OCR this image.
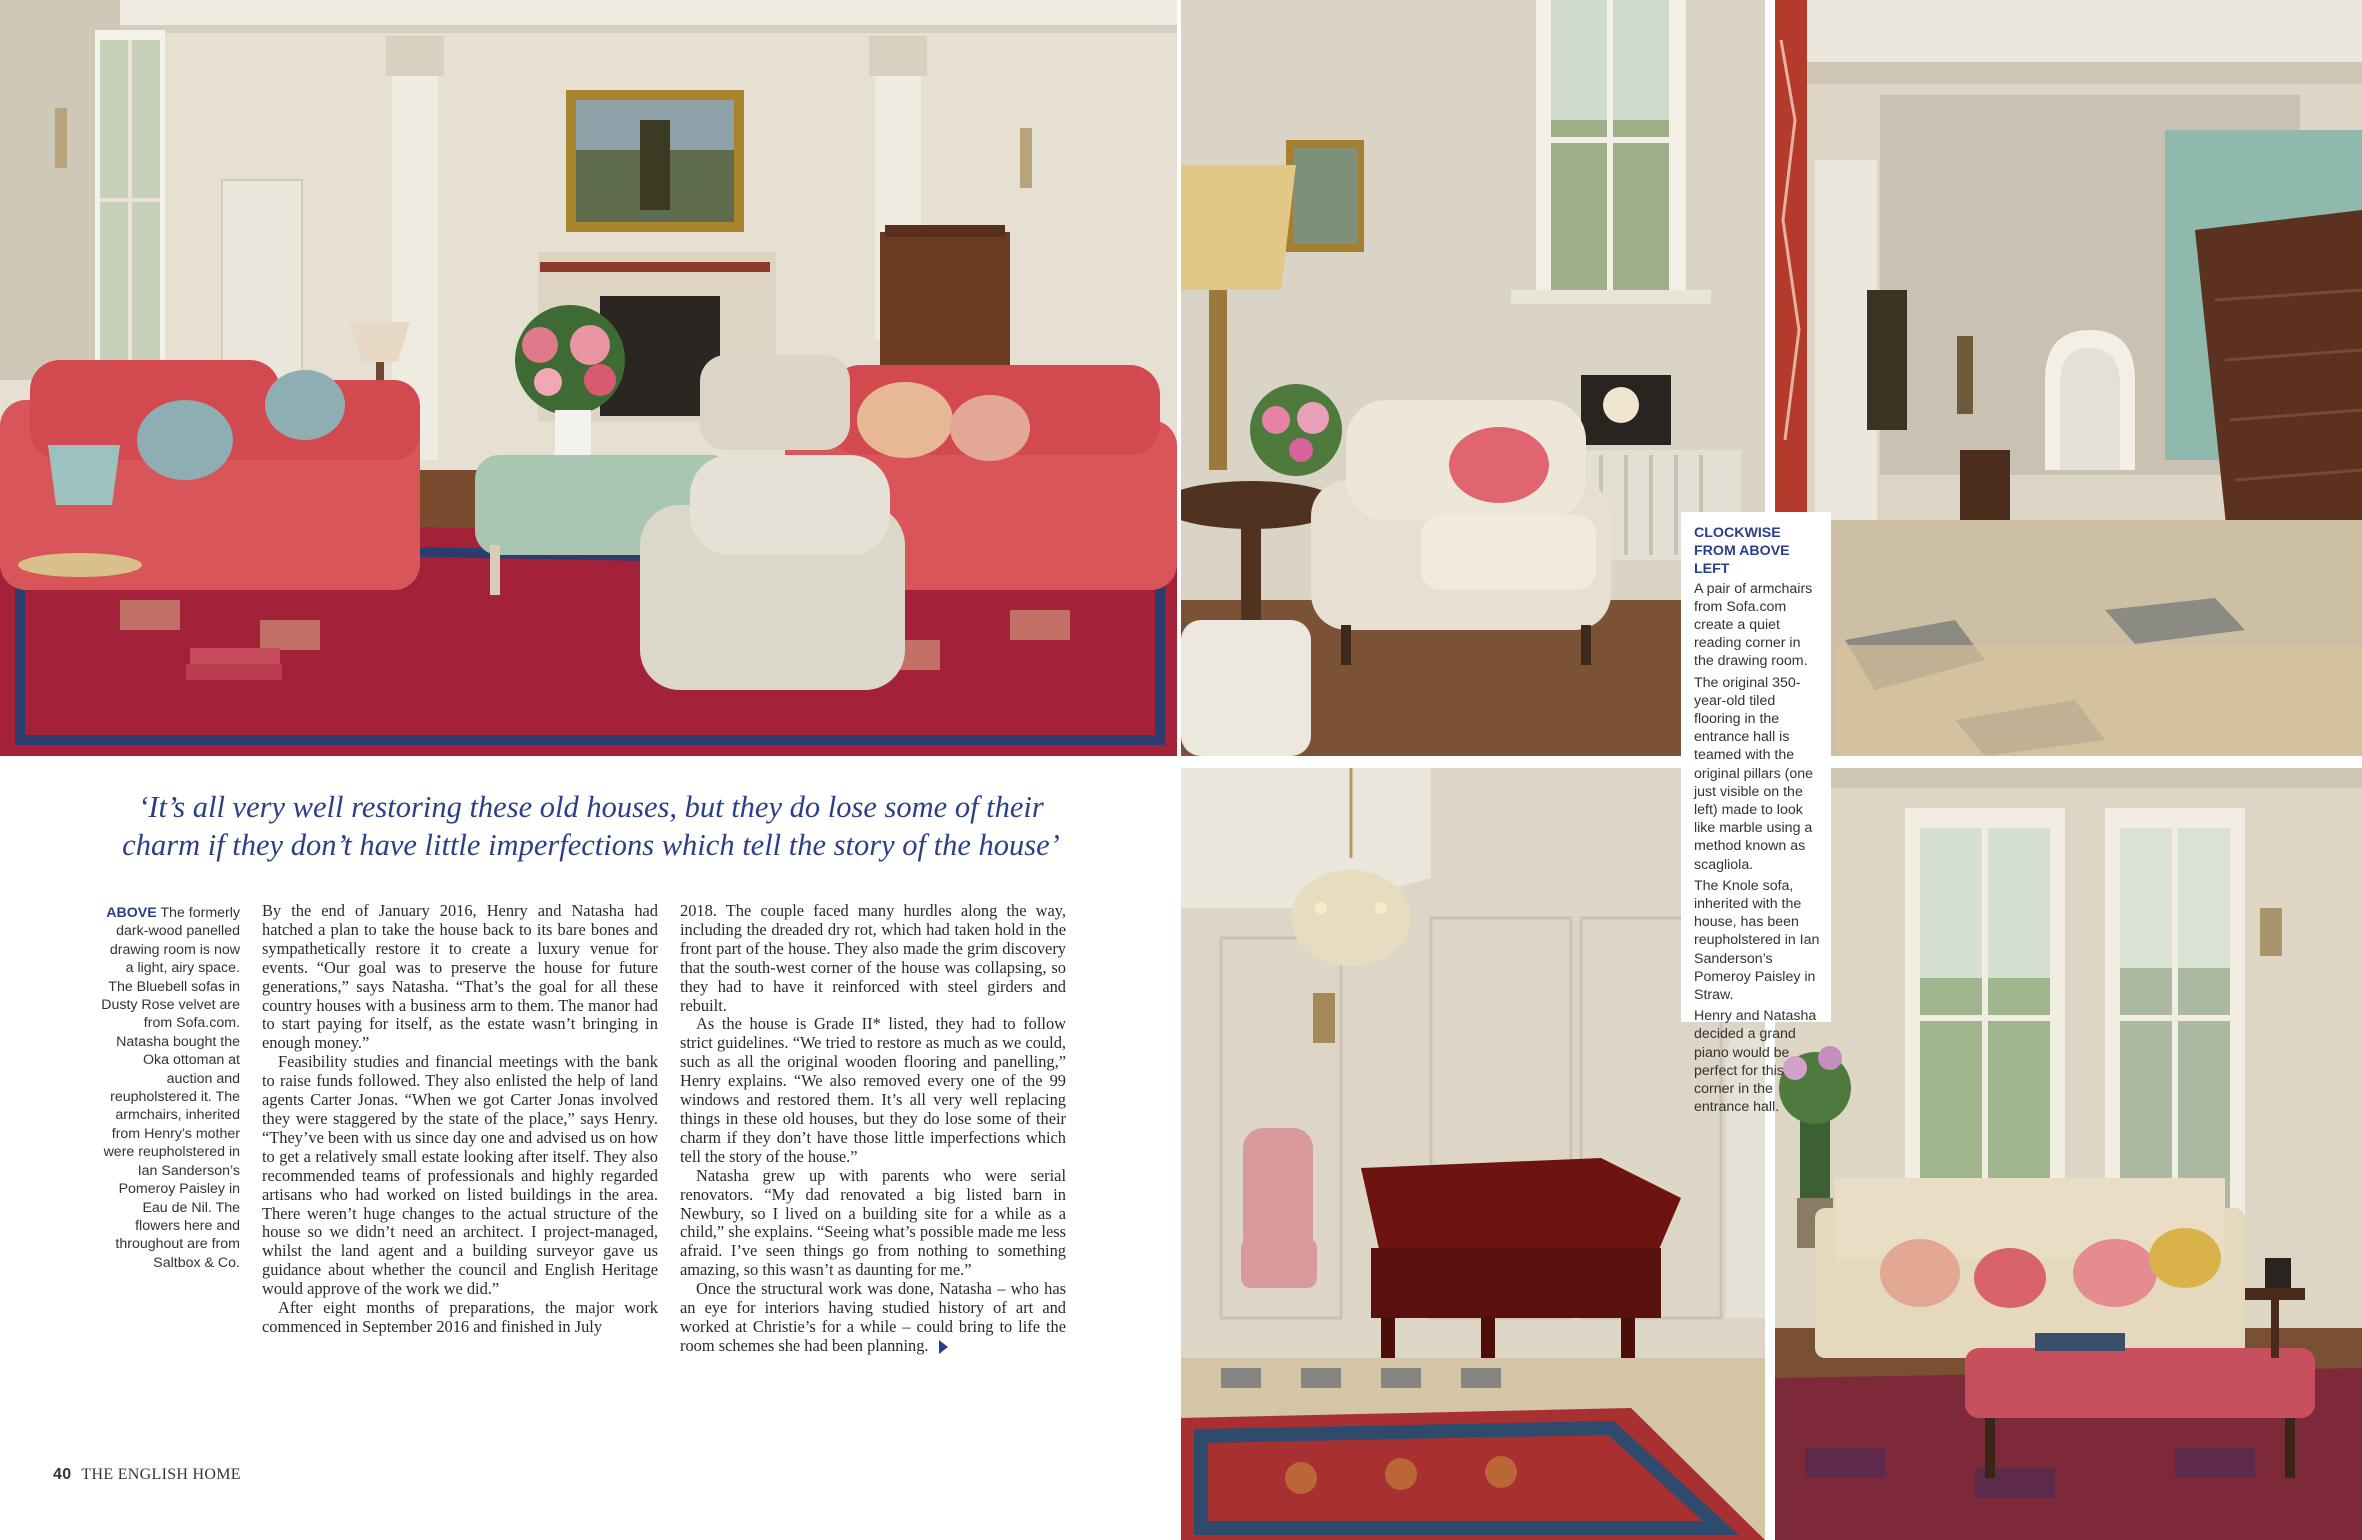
‘It’s all very well restoring these old houses, but they do lose some of their charm if they don’t have little imperfections which tell the story of the house’

ABOVE The formerly dark-wood panelled drawing room is now a light, airy space. The Bluebell sofas in Dusty Rose velvet are from Sofa.com. Natasha bought the Oka ottoman at auction and reupholstered it. The armchairs, inherited from Henry’s mother were reupholstered in Ian Sanderson’s Pomeroy Paisley in Eau de Nil. The flowers here and throughout are from Saltbox & Co.

By the end of January 2016, Henry and Natasha had hatched a plan to take the house back to its bare bones and sympathetically restore it to create a luxury venue for events. “Our goal was to preserve the house for future generations,” says Natasha. “That’s the goal for all these country houses with a business arm to them. The manor had to start paying for itself, as the estate wasn’t bringing in enough money.”

Feasibility studies and financial meetings with the bank to raise funds followed. They also enlisted the help of land agents Carter Jonas. “When we got Carter Jonas involved they were staggered by the state of the place,” says Henry. “They’ve been with us since day one and advised us on how to get a relatively small estate looking after itself. They also recommended teams of professionals and highly regarded artisans who had worked on listed buildings in the area. There weren’t huge changes to the actual structure of the house so we didn’t need an architect. I project-managed, whilst the land agent and a building surveyor gave us guidance about whether the council and English Heritage would approve of the work we did.”

After eight months of preparations, the major work commenced in September 2016 and finished in July

2018. The couple faced many hurdles along the way, including the dreaded dry rot, which had taken hold in the front part of the house. They also made the grim discovery that the south-west corner of the house was collapsing, so they had to have it reinforced with steel girders and rebuilt.

As the house is Grade II* listed, they had to follow strict guidelines. “We tried to restore as much as we could, such as all the original wooden flooring and panelling,” Henry explains. “We also removed every one of the 99 windows and restored them. It’s all very well replacing things in these old houses, but they do lose some of their charm if they don’t have those little imperfections which tell the story of the house.”

Natasha grew up with parents who were serial renovators. “My dad renovated a big listed barn in Newbury, so I lived on a building site for a while as a child,” she explains. “Seeing what’s possible made me less afraid. I’ve seen things go from nothing to something amazing, so this wasn’t as daunting for me.”

Once the structural work was done, Natasha – who has an eye for interiors having studied history of art and worked at Christie’s for a while – could bring to life the room schemes she had been planning.

40 THE ENGLISH HOME
CLOCKWISE FROM ABOVE LEFT

A pair of armchairs from Sofa.com create a quiet reading corner in the drawing room.

The original 350-year-old tiled flooring in the entrance hall is teamed with the original pillars (one just visible on the left) made to look like marble using a method known as scagliola.

The Knole sofa, inherited with the house, has been reupholstered in Ian Sanderson’s Pomeroy Paisley in Straw.

Henry and Natasha decided a grand piano would be perfect for this corner in the entrance hall.
